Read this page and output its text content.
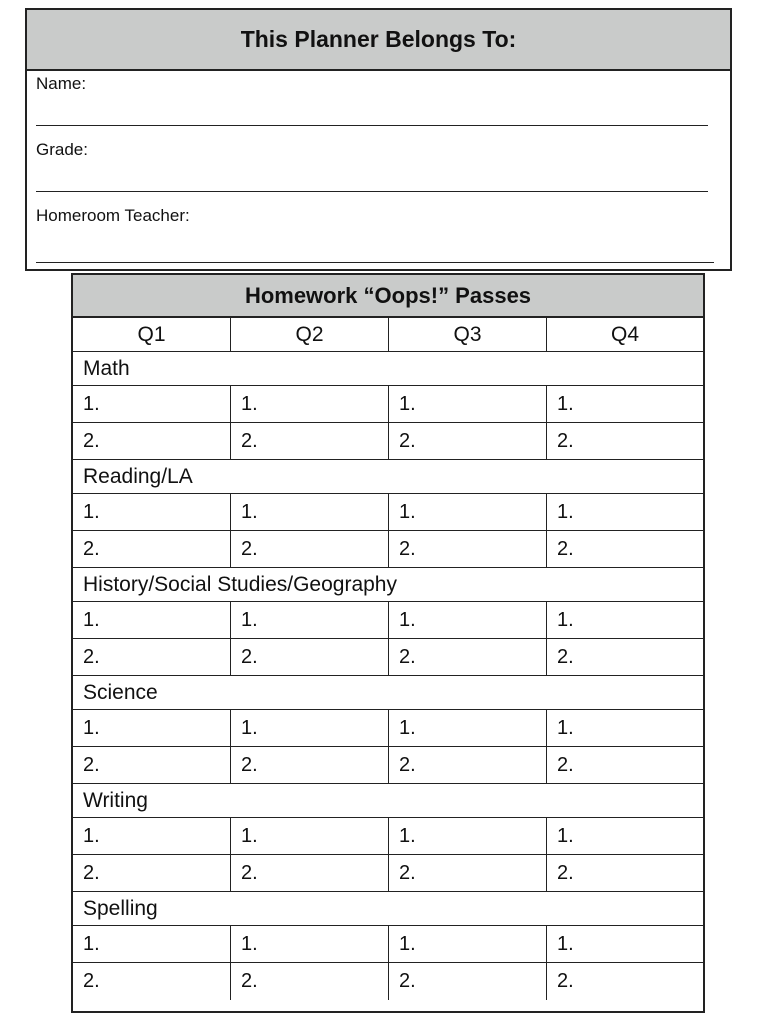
This Planner Belongs To:
Name:
Grade:
Homeroom Teacher:
Homework “Oops!” Passes
Q1	Q2	Q3	Q4
Math
1.	1.	1.	1.
2.	2.	2.	2.
Reading/LA
1.	1.	1.	1.
2.	2.	2.	2.
History/Social Studies/Geography
1.	1.	1.	1.
2.	2.	2.	2.
Science
1.	1.	1.	1.
2.	2.	2.	2.
Writing
1.	1.	1.	1.
2.	2.	2.	2.
Spelling
1.	1.	1.	1.
2.	2.	2.	2.
